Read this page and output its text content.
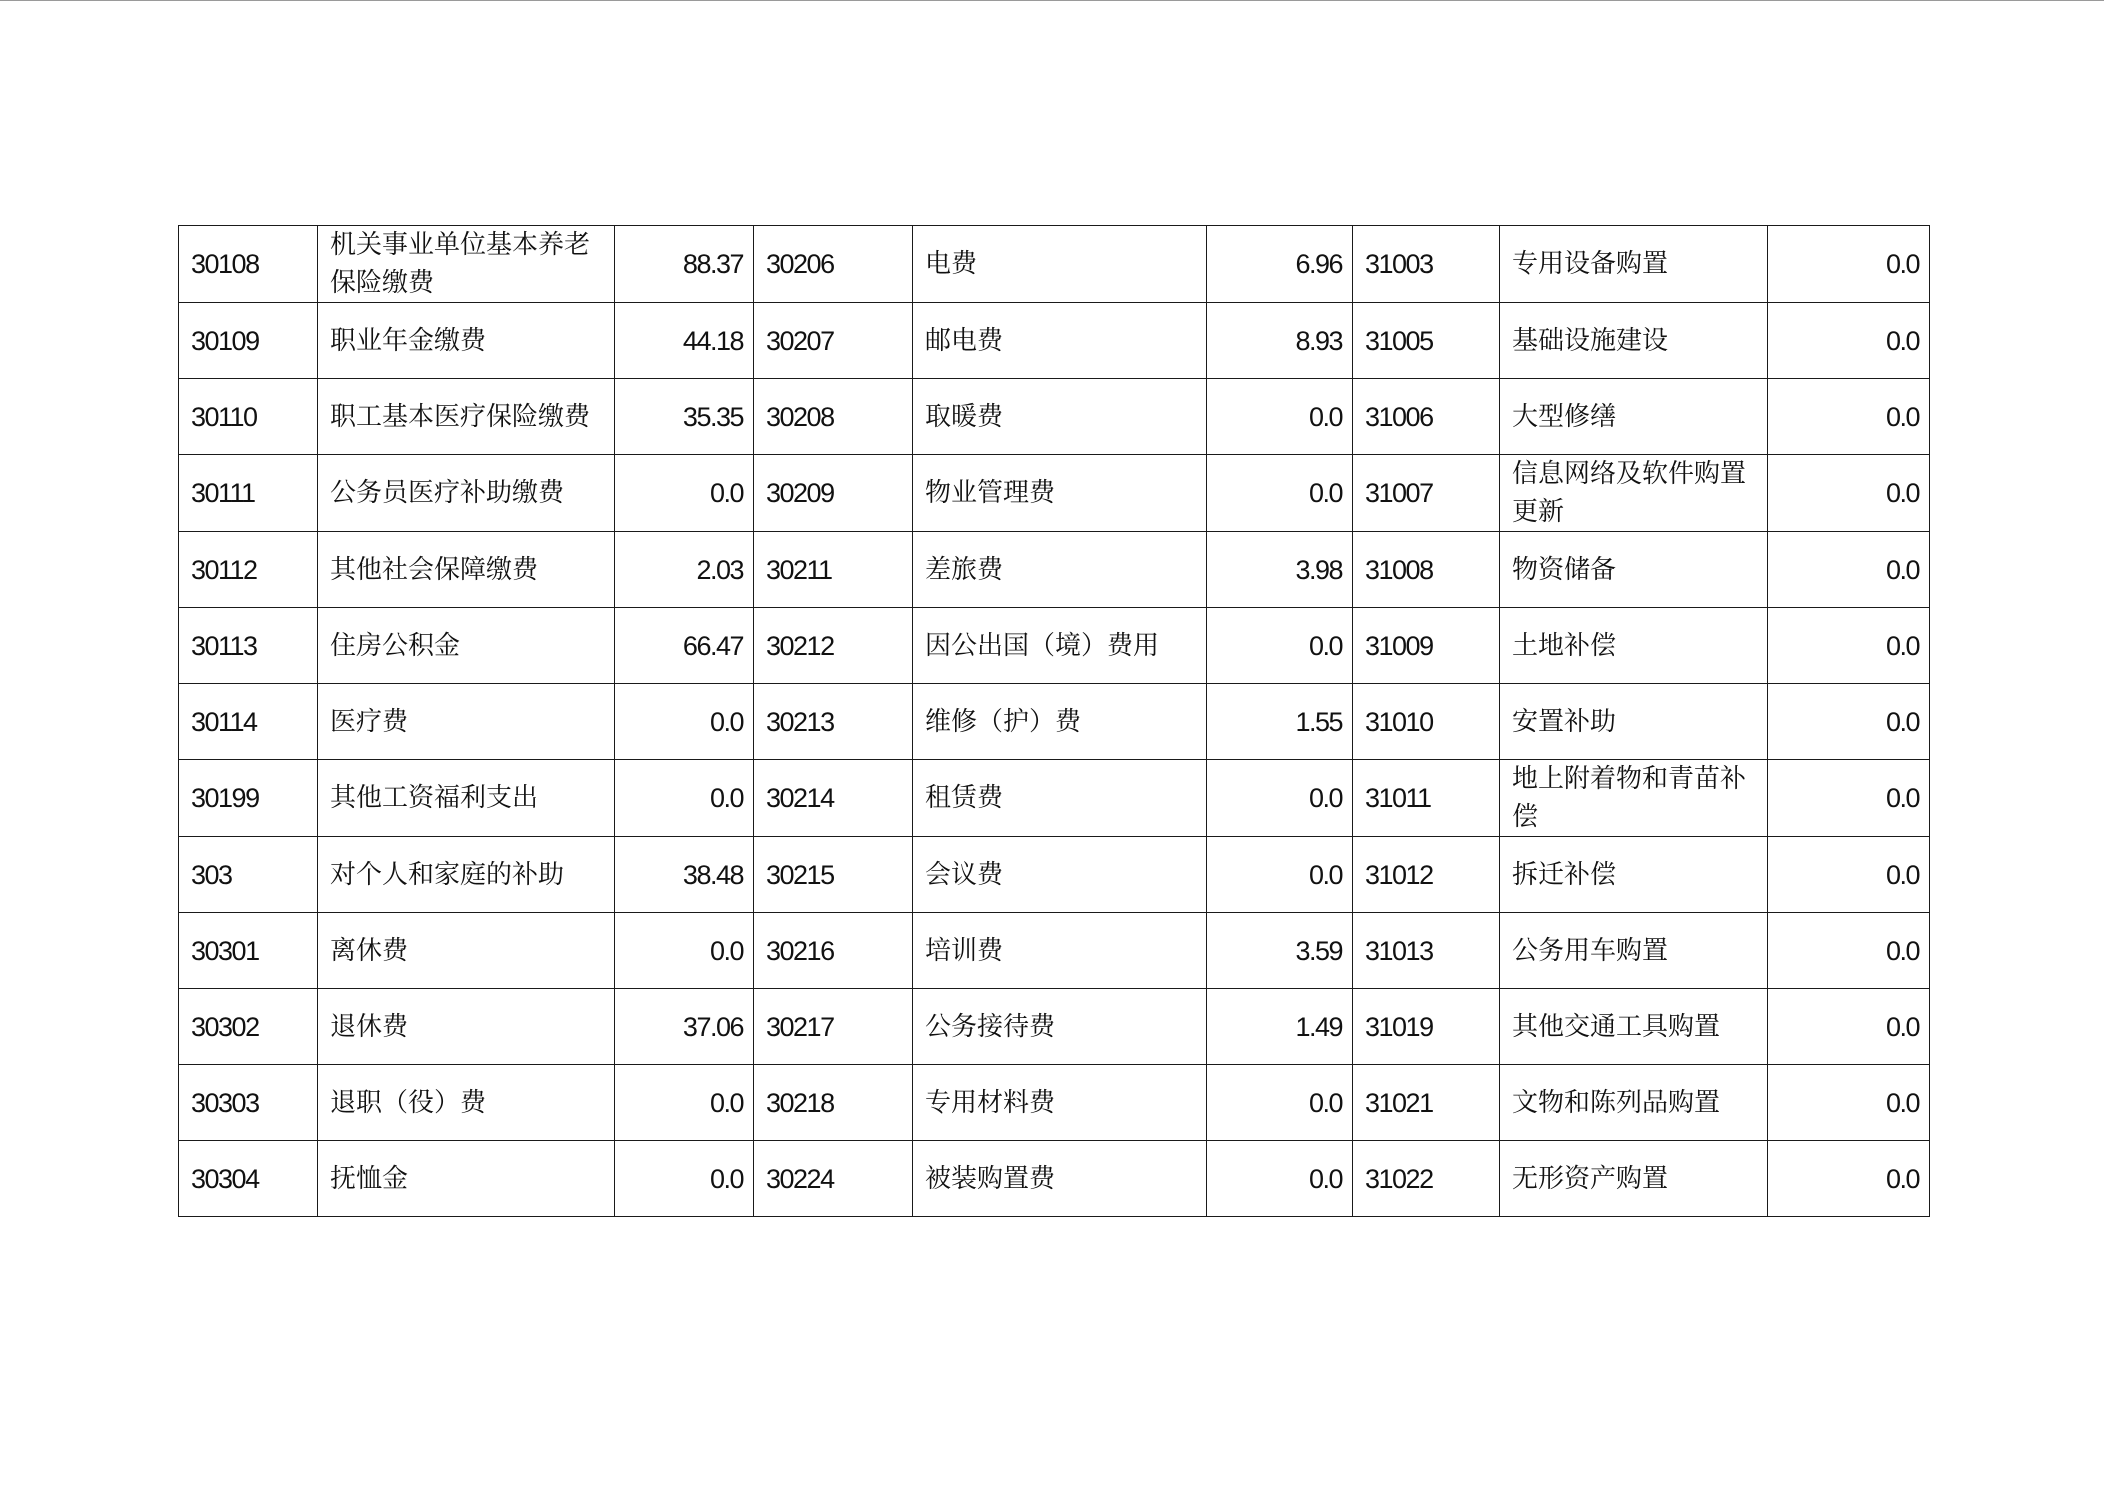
30108	机关事业单位基本养老保险缴费	88.37	30206	电费	6.96	31003	专用设备购置	0.0
30109	职业年金缴费	44.18	30207	邮电费	8.93	31005	基础设施建设	0.0
30110	职工基本医疗保险缴费	35.35	30208	取暖费	0.0	31006	大型修缮	0.0
30111	公务员医疗补助缴费	0.0	30209	物业管理费	0.0	31007	信息网络及软件购置更新	0.0
30112	其他社会保障缴费	2.03	30211	差旅费	3.98	31008	物资储备	0.0
30113	住房公积金	66.47	30212	因公出国（境）费用	0.0	31009	土地补偿	0.0
30114	医疗费	0.0	30213	维修（护）费	1.55	31010	安置补助	0.0
30199	其他工资福利支出	0.0	30214	租赁费	0.0	31011	地上附着物和青苗补偿	0.0
303	对个人和家庭的补助	38.48	30215	会议费	0.0	31012	拆迁补偿	0.0
30301	离休费	0.0	30216	培训费	3.59	31013	公务用车购置	0.0
30302	退休费	37.06	30217	公务接待费	1.49	31019	其他交通工具购置	0.0
30303	退职（役）费	0.0	30218	专用材料费	0.0	31021	文物和陈列品购置	0.0
30304	抚恤金	0.0	30224	被装购置费	0.0	31022	无形资产购置	0.0
